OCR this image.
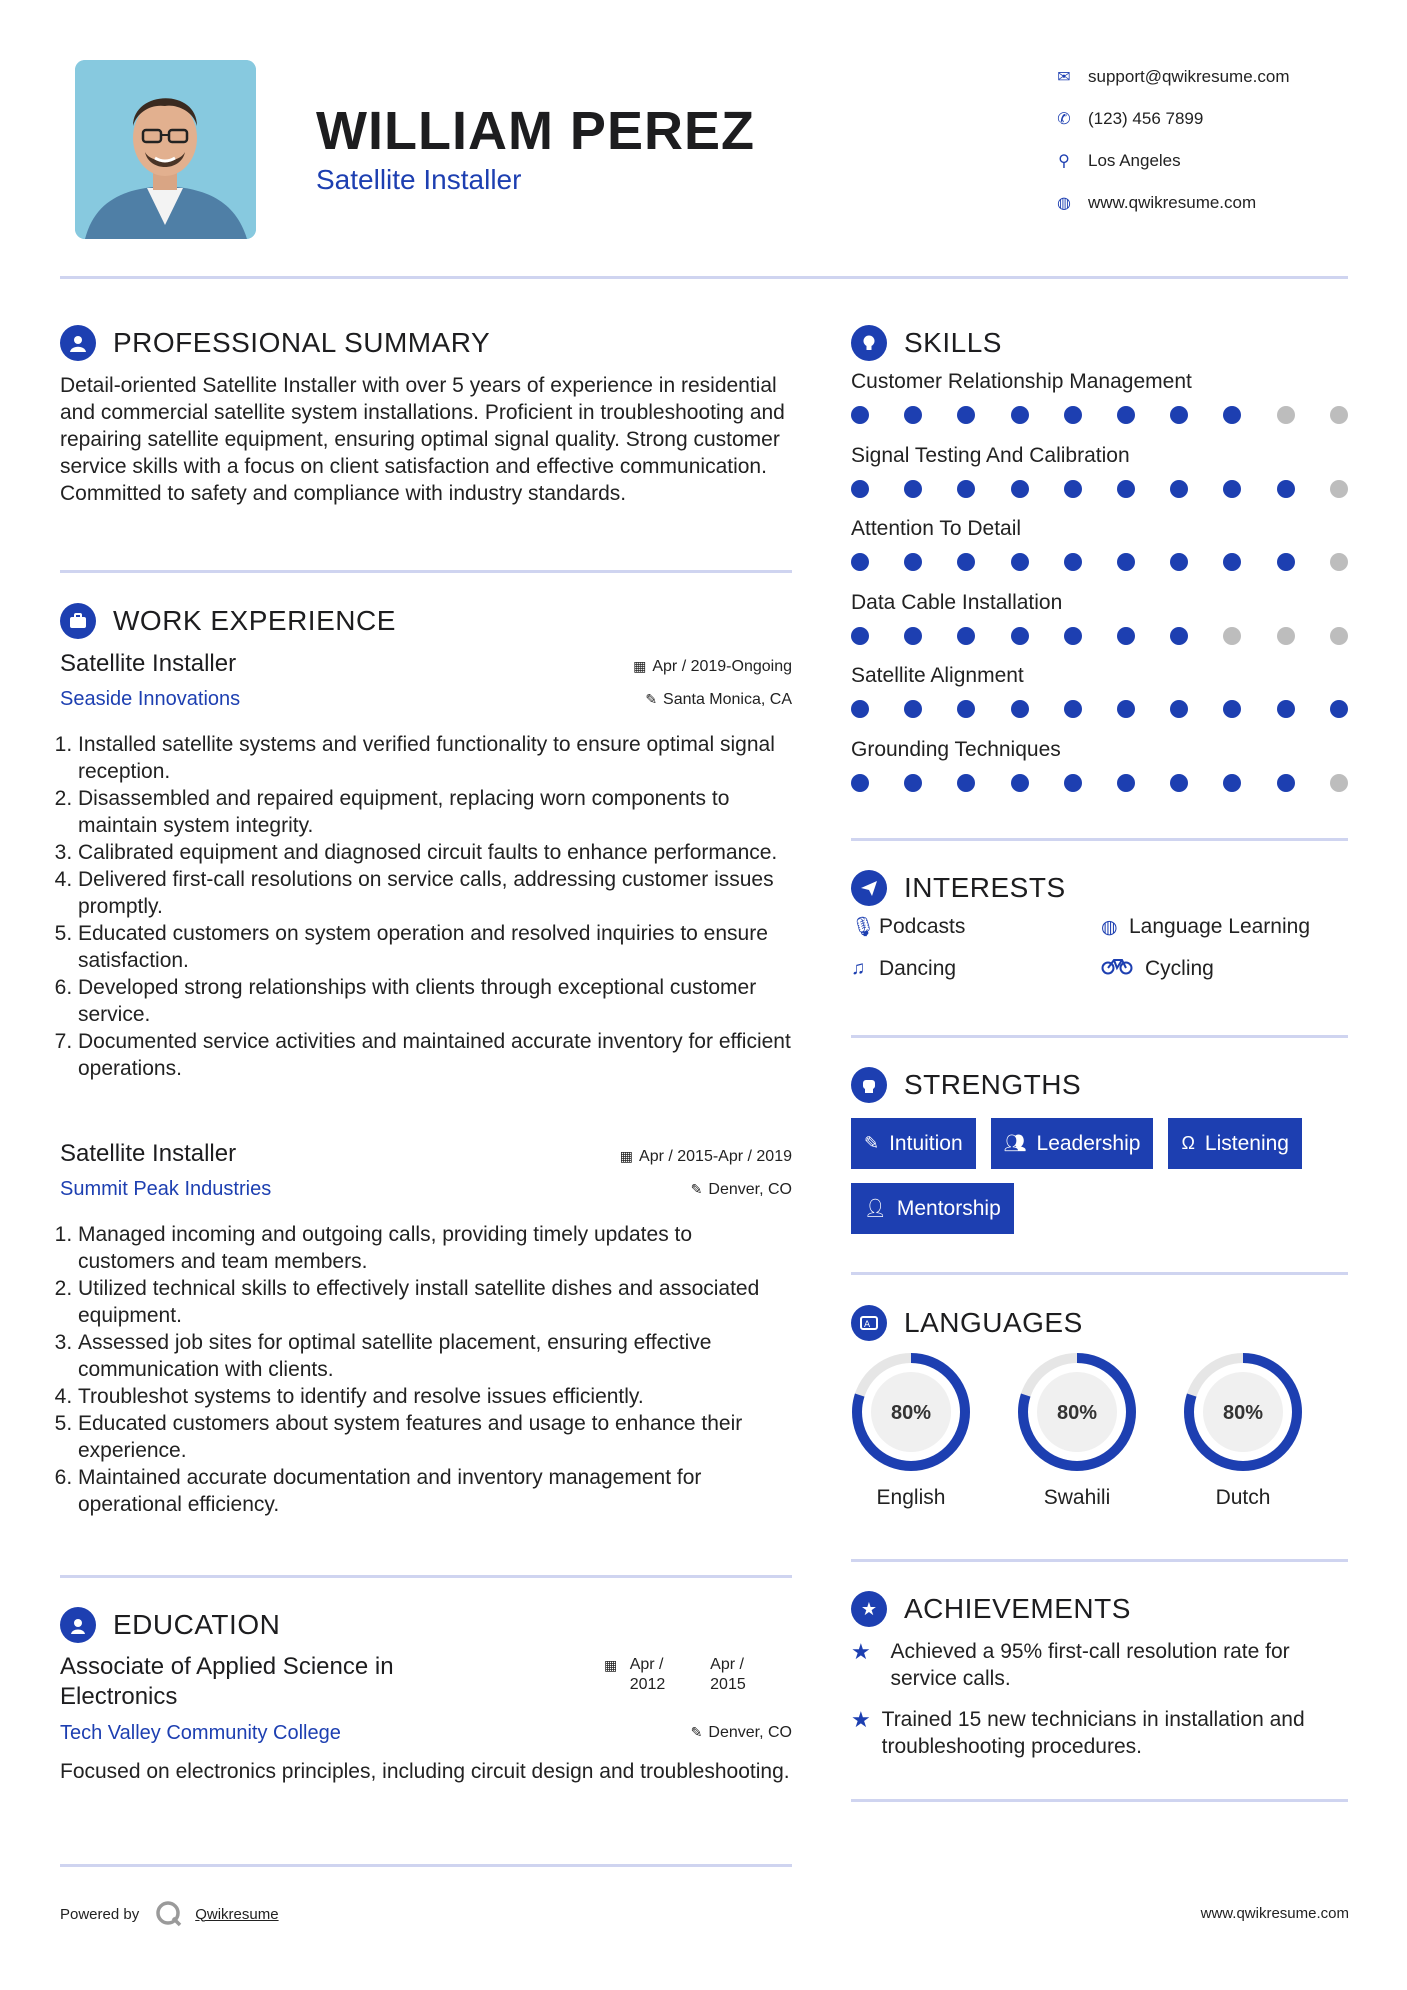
WILLIAM PEREZ
Satellite Installer
✉	support@qwikresume.com
✆	(123) 456 7899
⚲	Los Angeles
◍	www.qwikresume.com
PROFESSIONAL SUMMARY
Detail-oriented Satellite Installer with over 5 years of experience in residential and commercial satellite system installations. Proficient in troubleshooting and repairing satellite equipment, ensuring optimal signal quality. Strong customer service skills with a focus on client satisfaction and effective communication. Committed to safety and compliance with industry standards.
WORK EXPERIENCE
Satellite Installer
Seaside Innovations
▦ Apr / 2019-Ongoing
✎ Santa Monica, CA
1. Installed satellite systems and verified functionality to ensure optimal signal reception.
2. Disassembled and repaired equipment, replacing worn components to maintain system integrity.
3. Calibrated equipment and diagnosed circuit faults to enhance performance.
4. Delivered first-call resolutions on service calls, addressing customer issues promptly.
5. Educated customers on system operation and resolved inquiries to ensure satisfaction.
6. Developed strong relationships with clients through exceptional customer service.
7. Documented service activities and maintained accurate inventory for efficient operations.
Satellite Installer
Summit Peak Industries
▦ Apr / 2015-Apr / 2019
✎ Denver, CO
1. Managed incoming and outgoing calls, providing timely updates to customers and team members.
2. Utilized technical skills to effectively install satellite dishes and associated equipment.
3. Assessed job sites for optimal satellite placement, ensuring effective communication with clients.
4. Troubleshot systems to identify and resolve issues efficiently.
5. Educated customers about system features and usage to enhance their experience.
6. Maintained accurate documentation and inventory management for operational efficiency.
EDUCATION
Associate of Applied Science in Electronics
▦ Apr / 2012 Apr / 2015
Tech Valley Community College	✎ Denver, CO
Focused on electronics principles, including circuit design and troubleshooting.
SKILLS
Customer Relationship Management
Signal Testing And Calibration
Attention To Detail
Data Cable Installation
Satellite Alignment
Grounding Techniques
INTERESTS
🎙︎ Podcasts	◍ Language Learning
♫ Dancing	Cycling
STRENGTHS
✎ Intuition 👥︎ Leadership Ω Listening
👤︎ Mentorship
A LANGUAGES
80%
English
80%
Swahili
80%
Dutch
★ ACHIEVEMENTS
★ Achieved a 95% first-call resolution rate for service calls.
★ Trained 15 new technicians in installation and troubleshooting procedures.
Powered by	Qwikresume	www.qwikresume.com
